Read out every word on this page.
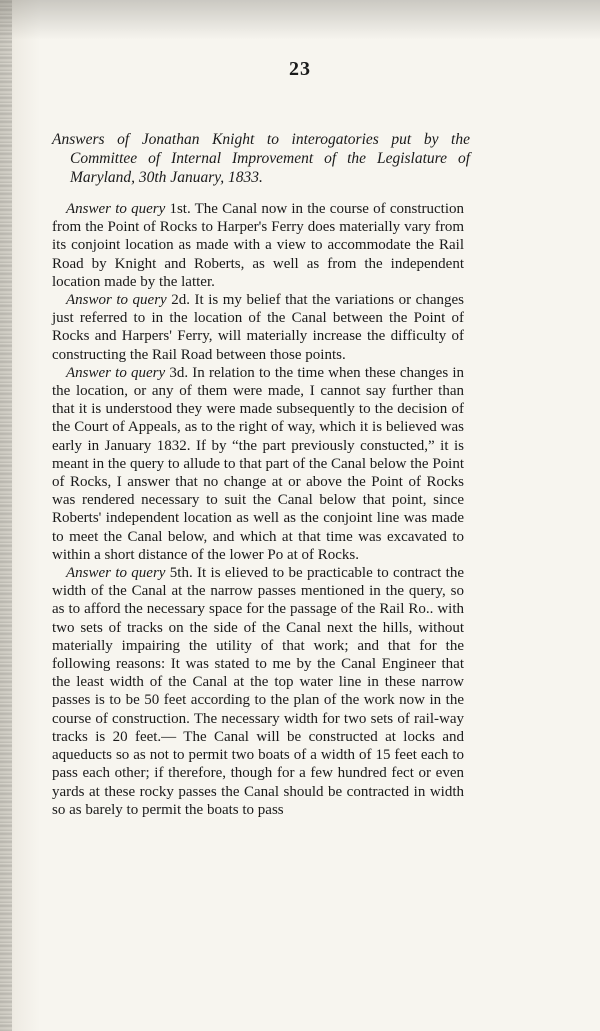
23
Answers of Jonathan Knight to interogatories put by the Committee of Internal Improvement of the Legislature of Maryland, 30th January, 1833.

Answer to query 1st. The Canal now in the course of construction from the Point of Rocks to Harper's Ferry does materially vary from its conjoint location as made with a view to accommodate the Rail Road by Knight and Roberts, as well as from the independent location made by the latter.

Answor to query 2d. It is my belief that the variations or changes just referred to in the location of the Canal between the Point of Rocks and Harpers' Ferry, will materially increase the difficulty of constructing the Rail Road between those points.

Answer to query 3d. In relation to the time when these changes in the location, or any of them were made, I cannot say further than that it is understood they were made subsequently to the decision of the Court of Appeals, as to the right of way, which it is believed was early in January 1832. If by “the part previously constucted,” it is meant in the query to allude to that part of the Canal below the Point of Rocks, I answer that no change at or above the Point of Rocks was rendered necessary to suit the Canal below that point, since Roberts' independent location as well as the conjoint line was made to meet the Canal below, and which at that time was excavated to within a short distance of the lower Po at of Rocks.

Answer to query 5th. It is elieved to be practicable to contract the width of the Canal at the narrow passes mentioned in the query, so as to afford the necessary space for the passage of the Rail Ro.. with two sets of tracks on the side of the Canal next the hills, without materially impairing the utility of that work; and that for the following reasons: It was stated to me by the Canal Engineer that the least width of the Canal at the top water line in these narrow passes is to be 50 feet according to the plan of the work now in the course of construction. The necessary width for two sets of rail-way tracks is 20 feet.— The Canal will be constructed at locks and aqueducts so as not to permit two boats of a width of 15 feet each to pass each other; if therefore, though for a few hundred fect or even yards at these rocky passes the Canal should be contracted in width so as barely to permit the boats to pass
